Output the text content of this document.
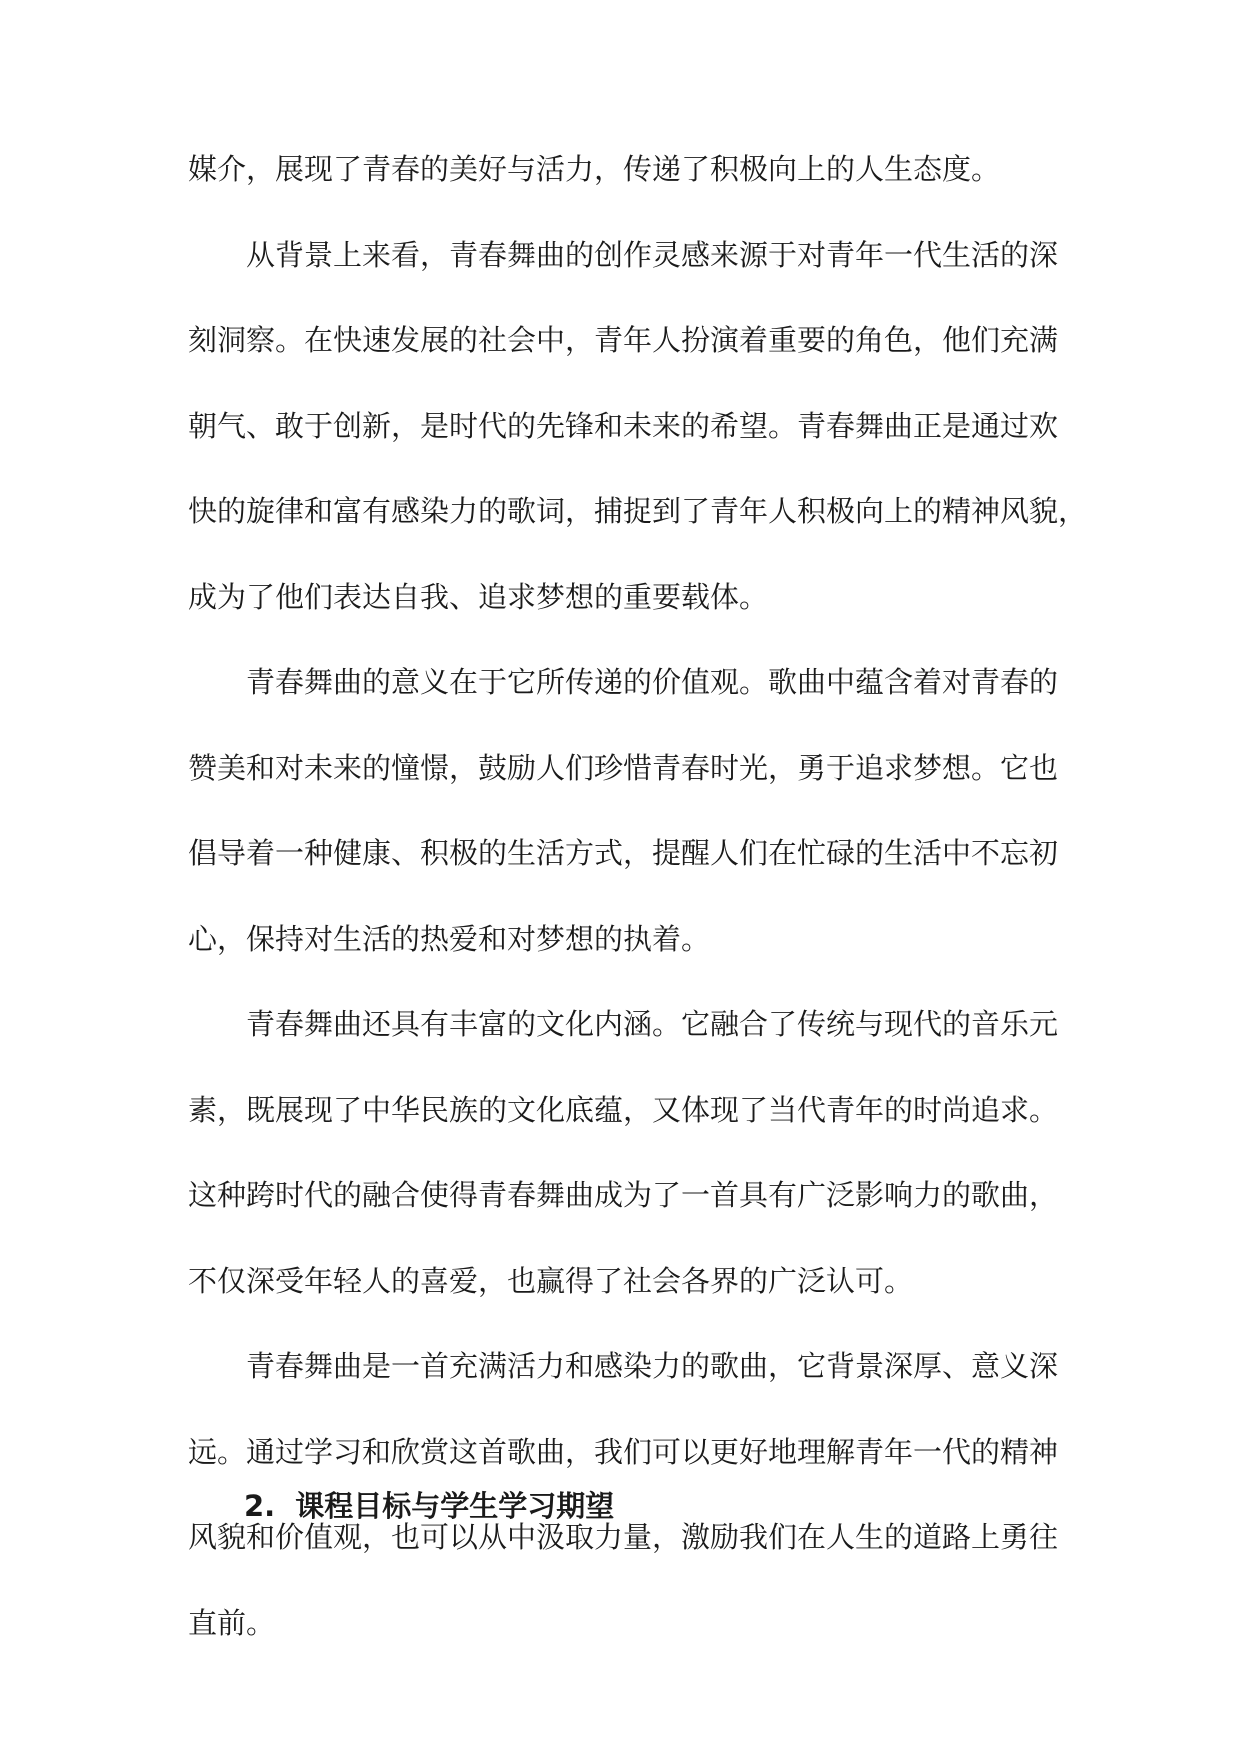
媒介，展现了青春的美好与活力，传递了积极向上的人生态度。
从背景上来看，青春舞曲的创作灵感来源于对青年一代生活的深
刻洞察。在快速发展的社会中，青年人扮演着重要的角色，他们充满
朝气、敢于创新，是时代的先锋和未来的希望。青春舞曲正是通过欢
快的旋律和富有感染力的歌词，捕捉到了青年人积极向上的精神风貌，
成为了他们表达自我、追求梦想的重要载体。
青春舞曲的意义在于它所传递的价值观。歌曲中蕴含着对青春的
赞美和对未来的憧憬，鼓励人们珍惜青春时光，勇于追求梦想。它也
倡导着一种健康、积极的生活方式，提醒人们在忙碌的生活中不忘初
心，保持对生活的热爱和对梦想的执着。
青春舞曲还具有丰富的文化内涵。它融合了传统与现代的音乐元
素，既展现了中华民族的文化底蕴，又体现了当代青年的时尚追求。
这种跨时代的融合使得青春舞曲成为了一首具有广泛影响力的歌曲，
不仅深受年轻人的喜爱，也赢得了社会各界的广泛认可。
青春舞曲是一首充满活力和感染力的歌曲，它背景深厚、意义深
远。通过学习和欣赏这首歌曲，我们可以更好地理解青年一代的精神
风貌和价值观，也可以从中汲取力量，激励我们在人生的道路上勇往
直前。
2. 课程目标与学生学习期望
